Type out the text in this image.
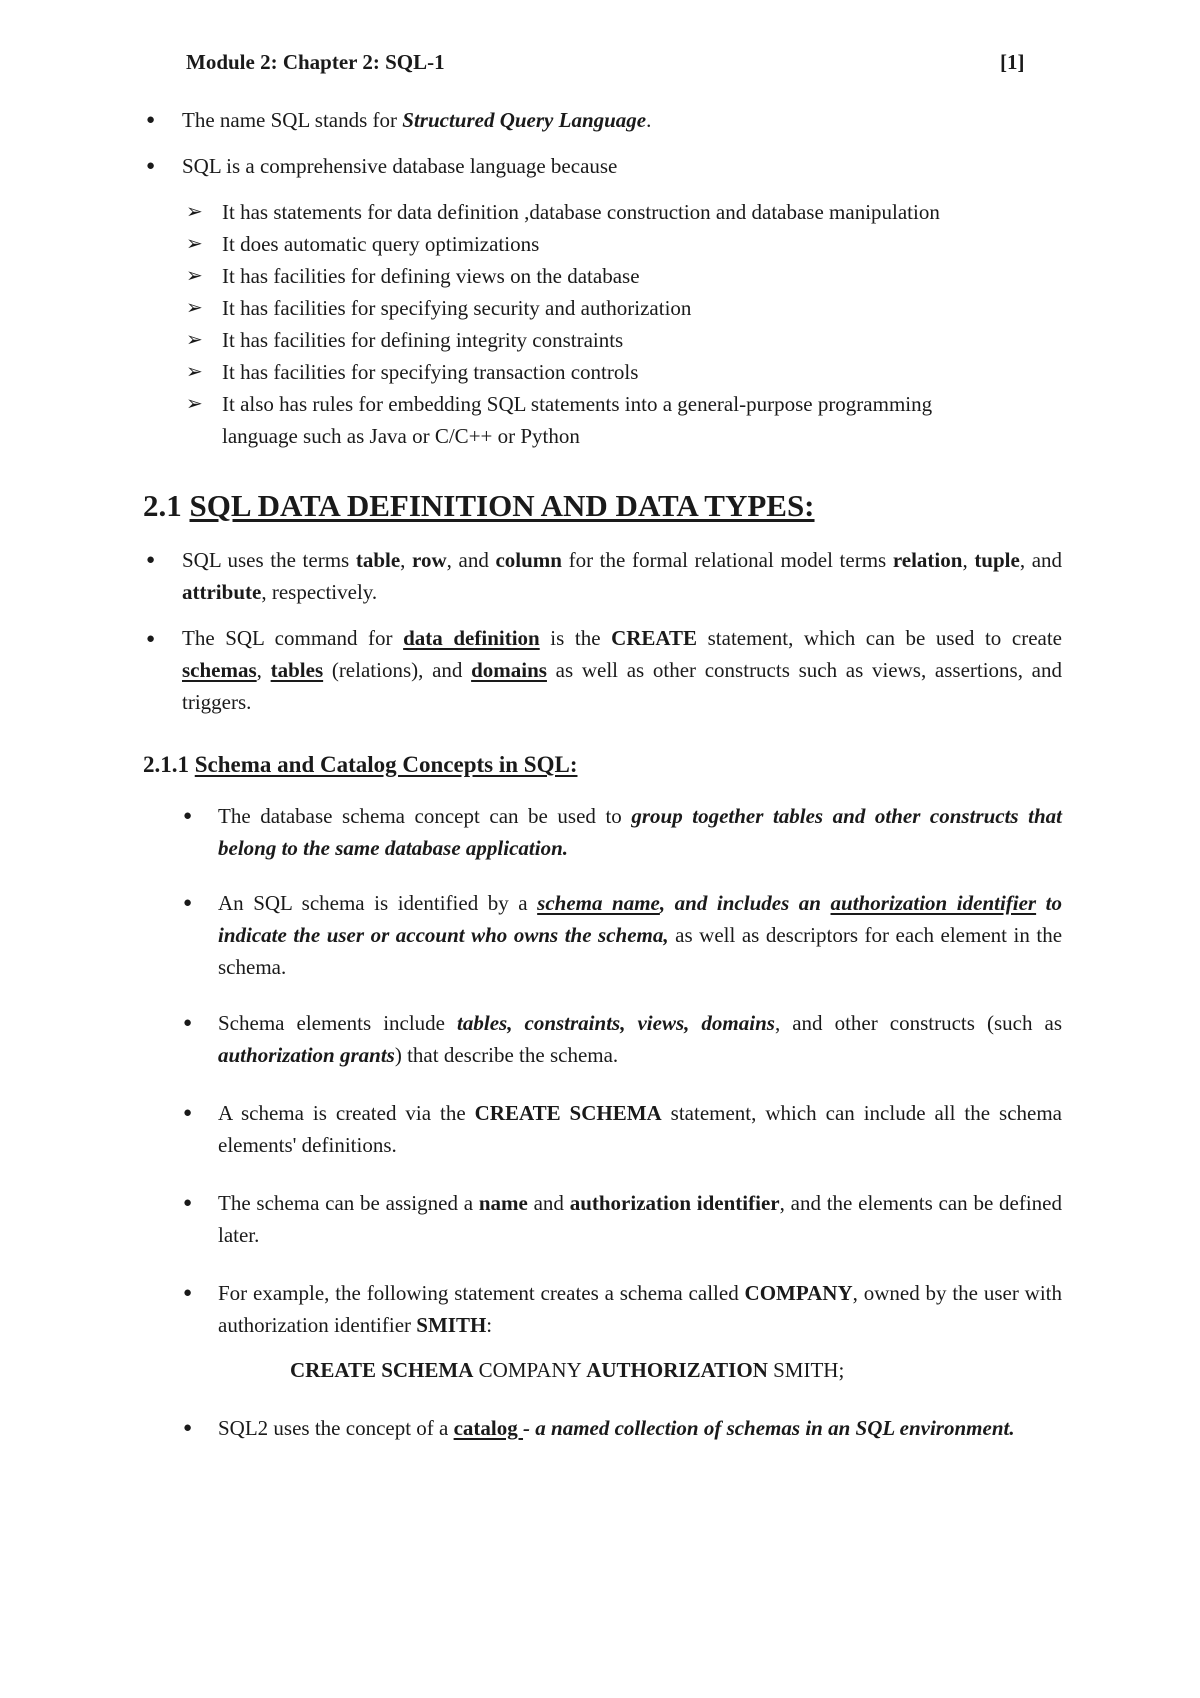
Module 2: Chapter 2: SQL-1	[1]
● The name SQL stands for Structured Query Language.
● SQL is a comprehensive database language because
➢ It has statements for data definition ,database construction and database manipulation
➢ It does automatic query optimizations
➢ It has facilities for defining views on the database
➢ It has facilities for specifying security and authorization
➢ It has facilities for defining integrity constraints
➢ It has facilities for specifying transaction controls
➢ It also has rules for embedding SQL statements into a general-purpose programming
language such as Java or C/C++ or Python
2.1 SQL DATA DEFINITION AND DATA TYPES:
● SQL uses the terms table, row, and column for the formal relational model terms relation, tuple, and attribute, respectively.
● The SQL command for data definition is the CREATE statement, which can be used to create schemas, tables (relations), and domains as well as other constructs such as views, assertions, and triggers.
2.1.1 Schema and Catalog Concepts in SQL:
● The database schema concept can be used to group together tables and other constructs that belong to the same database application.
● An SQL schema is identified by a schema name, and includes an authorization identifier to indicate the user or account who owns the schema, as well as descriptors for each element in the schema.
● Schema elements include tables, constraints, views, domains, and other constructs (such as authorization grants) that describe the schema.
● A schema is created via the CREATE SCHEMA statement, which can include all the schema elements' definitions.
● The schema can be assigned a name and authorization identifier, and the elements can be defined later.
● For example, the following statement creates a schema called COMPANY, owned by the user with authorization identifier SMITH:
CREATE SCHEMA COMPANY AUTHORIZATION SMITH;
● SQL2 uses the concept of a catalog - a named collection of schemas in an SQL environment.
